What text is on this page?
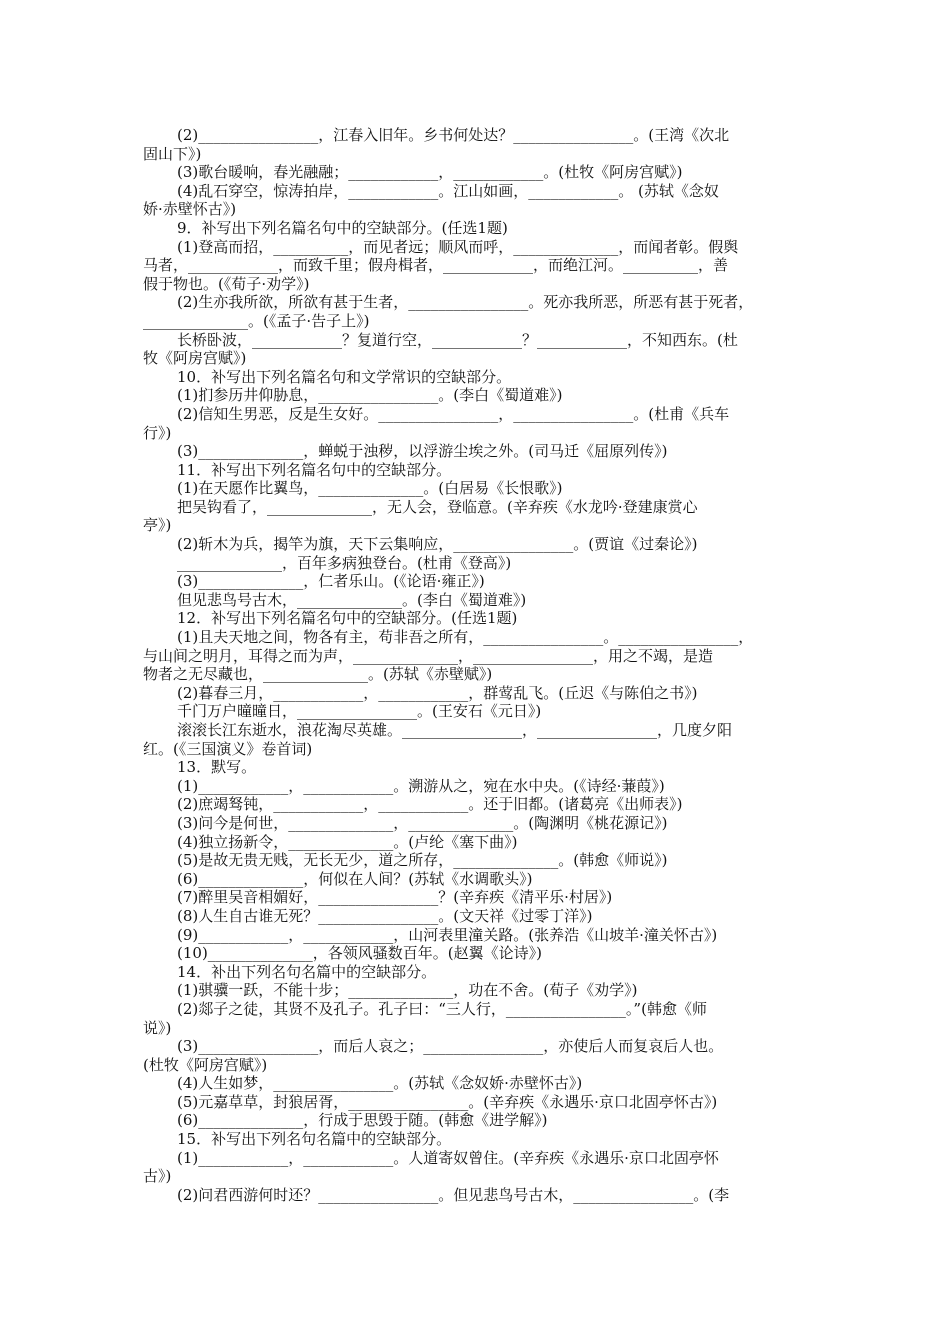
(2)________________，江春入旧年。乡书何处达？________________。(王湾《次北
固山下》)
(3)歌台暖响，春光融融；____________，____________。(杜牧《阿房宫赋》)
(4)乱石穿空，惊涛拍岸，____________。江山如画，____________。 (苏轼《念奴
娇·赤壁怀古》)
9．补写出下列名篇名句中的空缺部分。(任选1题)
(1)登高而招，__________，而见者远；顺风而呼，______________，而闻者彰。假舆
马者，____________，而致千里；假舟楫者，____________，而绝江河。__________，善
假于物也。(《荀子·劝学》)
(2)生亦我所欲，所欲有甚于生者，________________。死亦我所恶，所恶有甚于死者，
______________。(《孟子·告子上》)
长桥卧波，____________？复道行空，____________？____________，不知西东。(杜
牧《阿房宫赋》)
10．补写出下列名篇名句和文学常识的空缺部分。
(1)扪参历井仰胁息，________________。(李白《蜀道难》)
(2)信知生男恶，反是生女好。________________，________________。(杜甫《兵车
行》)
(3)______________，蝉蜕于浊秽，以浮游尘埃之外。(司马迁《屈原列传》)
11．补写出下列名篇名句中的空缺部分。
(1)在天愿作比翼鸟，______________。(白居易《长恨歌》)
把吴钩看了，______________，无人会，登临意。(辛弃疾《水龙吟·登建康赏心
亭》)
(2)斩木为兵，揭竿为旗，天下云集响应，________________。(贾谊《过秦论》)
______________，百年多病独登台。(杜甫《登高》)
(3)______________，仁者乐山。(《论语·雍正》)
但见悲鸟号古木，______________。(李白《蜀道难》)
12．补写出下列名篇名句中的空缺部分。(任选1题)
(1)且夫天地之间，物各有主，苟非吾之所有，________________。________________，
与山间之明月，耳得之而为声，______________，________________，用之不竭，是造
物者之无尽藏也，______________。(苏轼《赤壁赋》)
(2)暮春三月，____________，____________，群莺乱飞。(丘迟《与陈伯之书》)
千门万户曈曈日，________________。(王安石《元日》)
滚滚长江东逝水，浪花淘尽英雄。________________，________________，几度夕阳
红。(《三国演义》卷首词)
13．默写。
(1)____________，____________。溯游从之，宛在水中央。(《诗经·蒹葭》)
(2)庶竭驽钝，____________，____________。还于旧都。(诸葛亮《出师表》)
(3)问今是何世，______________，______________。(陶渊明《桃花源记》)
(4)独立扬新令，______________。(卢纶《塞下曲》)
(5)是故无贵无贱，无长无少，道之所存，______________。(韩愈《师说》)
(6)______________，何似在人间？(苏轼《水调歌头》)
(7)醉里吴音相媚好，________________？(辛弃疾《清平乐·村居》)
(8)人生自古谁无死？________________。(文天祥《过零丁洋》)
(9)____________，____________，山河表里潼关路。(张养浩《山坡羊·潼关怀古》)
(10)______________，各领风骚数百年。(赵翼《论诗》)
14．补出下列名句名篇中的空缺部分。
(1)骐骥一跃，不能十步；______________，功在不舍。(荀子《劝学》)
(2)郯子之徒，其贤不及孔子。孔子曰：“三人行，________________。”(韩愈《师
说》)
(3)________________，而后人哀之；________________，亦使后人而复哀后人也。
(杜牧《阿房宫赋》)
(4)人生如梦，________________。(苏轼《念奴娇·赤壁怀古》)
(5)元嘉草草，封狼居胥，________________。(辛弃疾《永遇乐·京口北固亭怀古》)
(6)______________，行成于思毁于随。(韩愈《进学解》)
15．补写出下列名句名篇中的空缺部分。
(1)____________，____________。人道寄奴曾住。(辛弃疾《永遇乐·京口北固亭怀
古》)
(2)问君西游何时还？________________。但见悲鸟号古木，________________。(李
